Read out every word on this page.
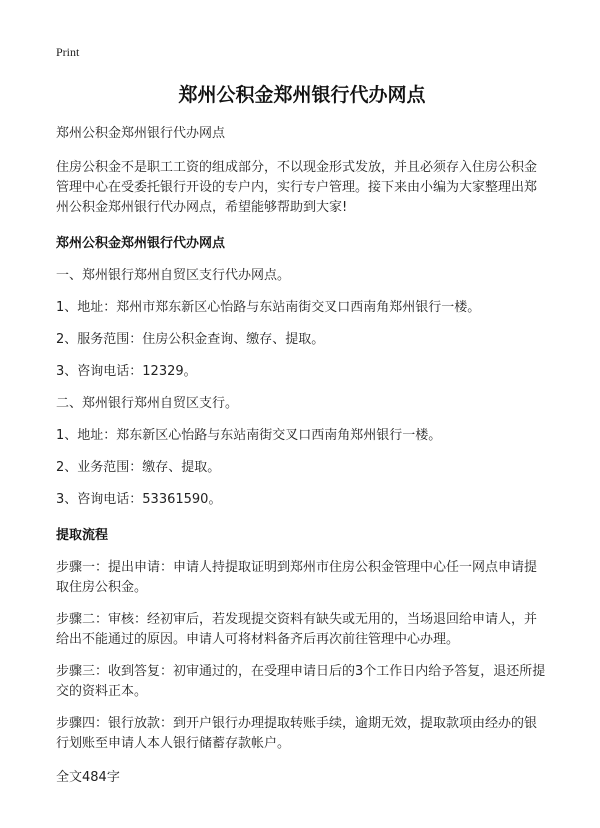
Print
郑州公积金郑州银行代办网点

郑州公积金郑州银行代办网点

住房公积金不是职工工资的组成部分，不以现金形式发放，并且必须存入住房公积金管理中心在受委托银行开设的专户内，实行专户管理。接下来由小编为大家整理出郑州公积金郑州银行代办网点，希望能够帮助到大家!

郑州公积金郑州银行代办网点

一、郑州银行郑州自贸区支行代办网点。

1、地址：郑州市郑东新区心怡路与东站南街交叉口西南角郑州银行一楼。

2、服务范围：住房公积金查询、缴存、提取。

3、咨询电话：12329。

二、郑州银行郑州自贸区支行。

1、地址：郑东新区心怡路与东站南街交叉口西南角郑州银行一楼。

2、业务范围：缴存、提取。

3、咨询电话：53361590。

提取流程

步骤一：提出申请：申请人持提取证明到郑州市住房公积金管理中心任一网点申请提取住房公积金。

步骤二：审核：经初审后，若发现提交资料有缺失或无用的，当场退回给申请人，并给出不能通过的原因。申请人可将材料备齐后再次前往管理中心办理。

步骤三：收到答复：初审通过的，在受理申请日后的3个工作日内给予答复，退还所提交的资料正本。

步骤四：银行放款：到开户银行办理提取转账手续，逾期无效，提取款项由经办的银行划账至申请人本人银行储蓄存款帐户。

全文484字
